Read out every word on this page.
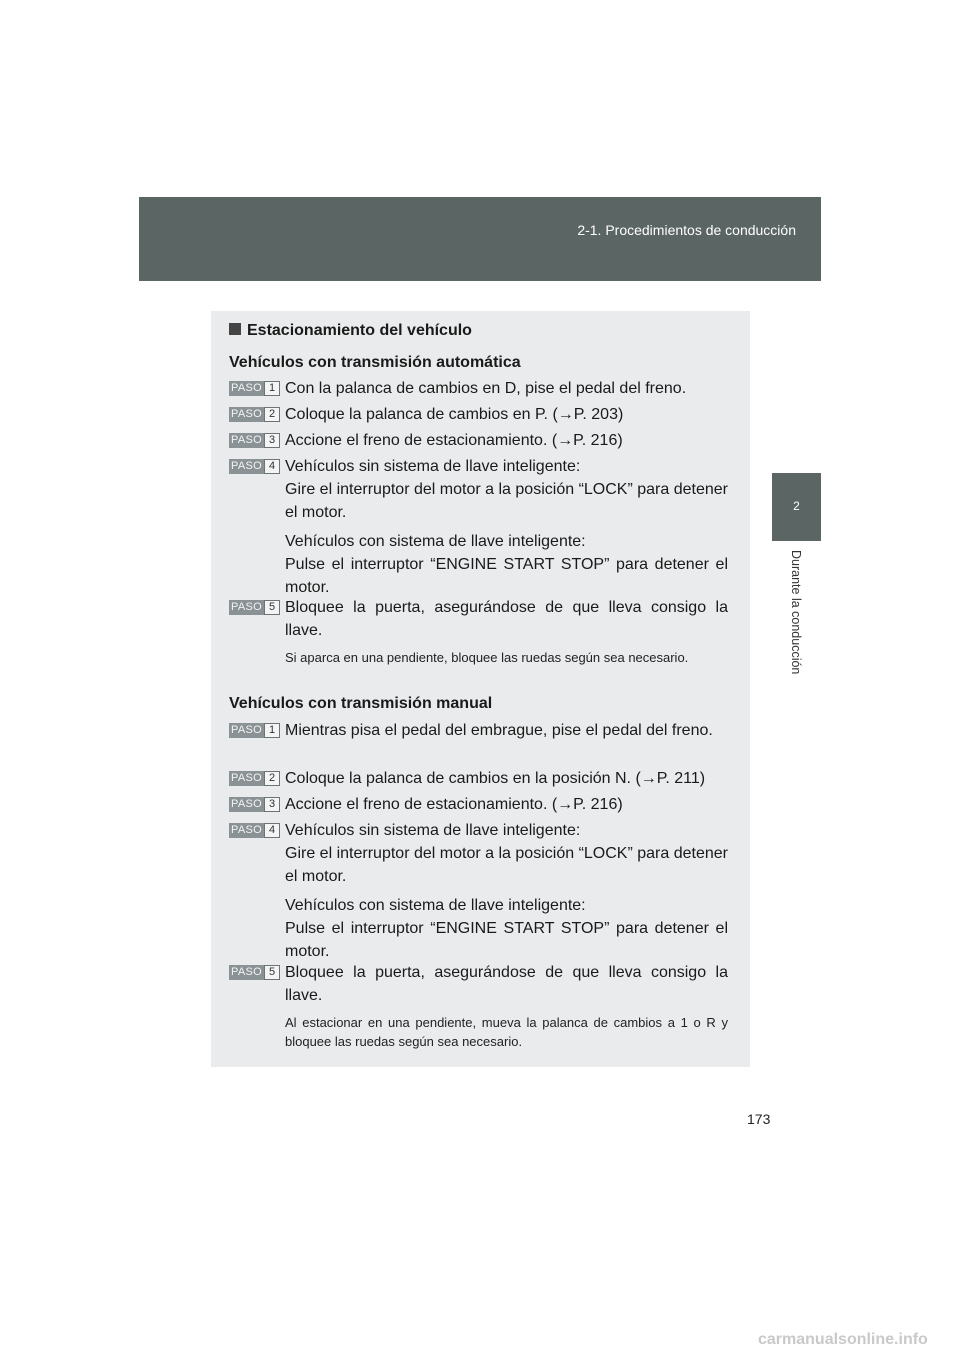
2-1. Procedimientos de conducción
2
Durante la conducción
Estacionamiento del vehículo
Vehículos con transmisión automática
PASO 1 Con la palanca de cambios en D, pise el pedal del freno.

PASO 2 Coloque la palanca de cambios en P. (→P. 203)

PASO 3 Accione el freno de estacionamiento. (→P. 216)

PASO 4 Vehículos sin sistema de llave inteligente:

Gire el interruptor del motor a la posición “LOCK” para detener el motor.

Vehículos con sistema de llave inteligente:

Pulse el interruptor “ENGINE START STOP” para detener el motor.

PASO 5 Bloquee la puerta, asegurándose de que lleva consigo la llave.

Si aparca en una pendiente, bloquee las ruedas según sea necesario.
Vehículos con transmisión manual
PASO 1 Mientras pisa el pedal del embrague, pise el pedal del freno.

PASO 2 Coloque la palanca de cambios en la posición N. (→P. 211)

PASO 3 Accione el freno de estacionamiento. (→P. 216)

PASO 4 Vehículos sin sistema de llave inteligente:

Gire el interruptor del motor a la posición “LOCK” para detener el motor.

Vehículos con sistema de llave inteligente:

Pulse el interruptor “ENGINE START STOP” para detener el motor.

PASO 5 Bloquee la puerta, asegurándose de que lleva consigo la llave.

Al estacionar en una pendiente, mueva la palanca de cambios a 1 o R y bloquee las ruedas según sea necesario.
173
carmanualsonline.info
